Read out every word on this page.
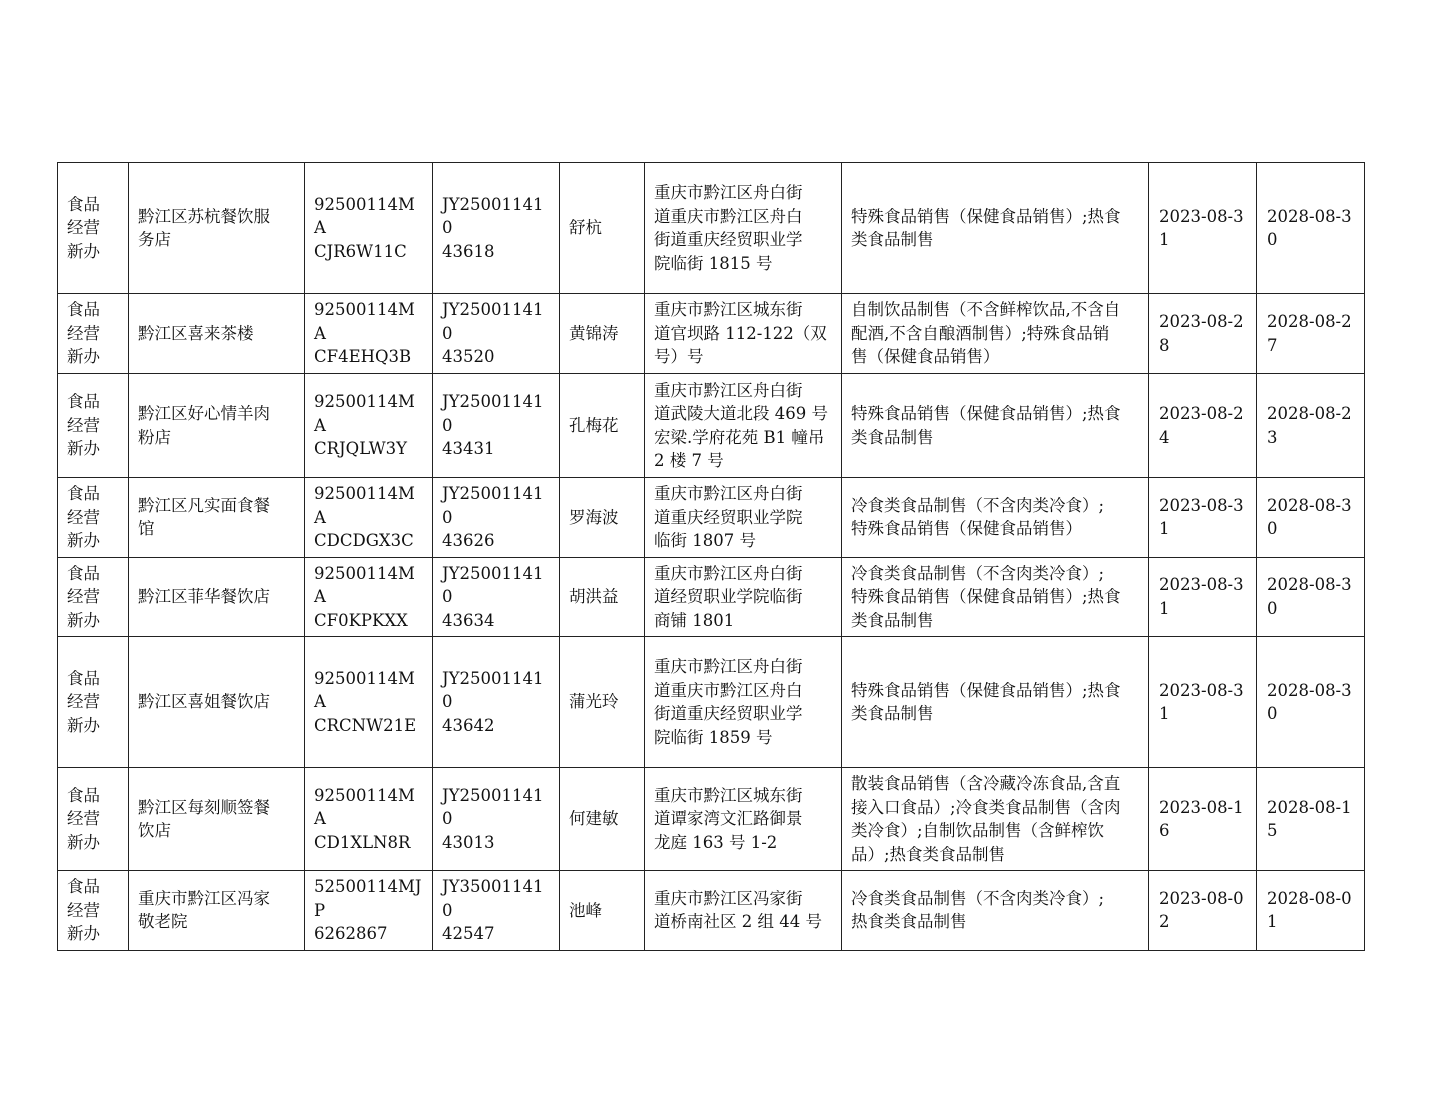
食品
经营
新办	黔江区苏杭餐饮服
务店	92500114MA
CJR6W11C	JY250011410
43618	舒杭	重庆市黔江区舟白街
道重庆市黔江区舟白
街道重庆经贸职业学
院临街 1815 号	特殊食品销售（保健食品销售）;热食
类食品制售	2023-08-31	2028-08-30

食品
经营
新办	黔江区喜来茶楼	92500114MA
CF4EHQ3B	JY250011410
43520	黄锦涛	重庆市黔江区城东街
道官坝路 112-122（双
号）号	自制饮品制售（不含鲜榨饮品,不含自
配酒,不含自酿酒制售）;特殊食品销
售（保健食品销售）	2023-08-28	2028-08-27

食品
经营
新办	黔江区好心情羊肉
粉店	92500114MA
CRJQLW3Y	JY250011410
43431	孔梅花	重庆市黔江区舟白街
道武陵大道北段 469 号
宏梁.学府花苑 B1 幢吊
2 楼 7 号	特殊食品销售（保健食品销售）;热食
类食品制售	2023-08-24	2028-08-23

食品
经营
新办	黔江区凡实面食餐
馆	92500114MA
CDCDGX3C	JY250011410
43626	罗海波	重庆市黔江区舟白街
道重庆经贸职业学院
临街 1807 号	冷食类食品制售（不含肉类冷食）;
特殊食品销售（保健食品销售）	2023-08-31	2028-08-30

食品
经营
新办	黔江区菲华餐饮店	92500114MA
CF0KPKXX	JY250011410
43634	胡洪益	重庆市黔江区舟白街
道经贸职业学院临街
商铺 1801	冷食类食品制售（不含肉类冷食）;
特殊食品销售（保健食品销售）;热食
类食品制售	2023-08-31	2028-08-30

食品
经营
新办	黔江区喜姐餐饮店	92500114MA
CRCNW21E	JY250011410
43642	蒲光玲	重庆市黔江区舟白街
道重庆市黔江区舟白
街道重庆经贸职业学
院临街 1859 号	特殊食品销售（保健食品销售）;热食
类食品制售	2023-08-31	2028-08-30

食品
经营
新办	黔江区每刻顺签餐
饮店	92500114MA
CD1XLN8R	JY250011410
43013	何建敏	重庆市黔江区城东街
道谭家湾文汇路御景
龙庭 163 号 1-2	散装食品销售（含冷藏冷冻食品,含直
接入口食品）;冷食类食品制售（含肉
类冷食）;自制饮品制售（含鲜榨饮
品）;热食类食品制售	2023-08-16	2028-08-15

食品
经营
新办	重庆市黔江区冯家
敬老院	52500114MJP
6262867	JY350011410
42547	池峰	重庆市黔江区冯家街
道桥南社区 2 组 44 号	冷食类食品制售（不含肉类冷食）;
热食类食品制售	2023-08-02	2028-08-01
